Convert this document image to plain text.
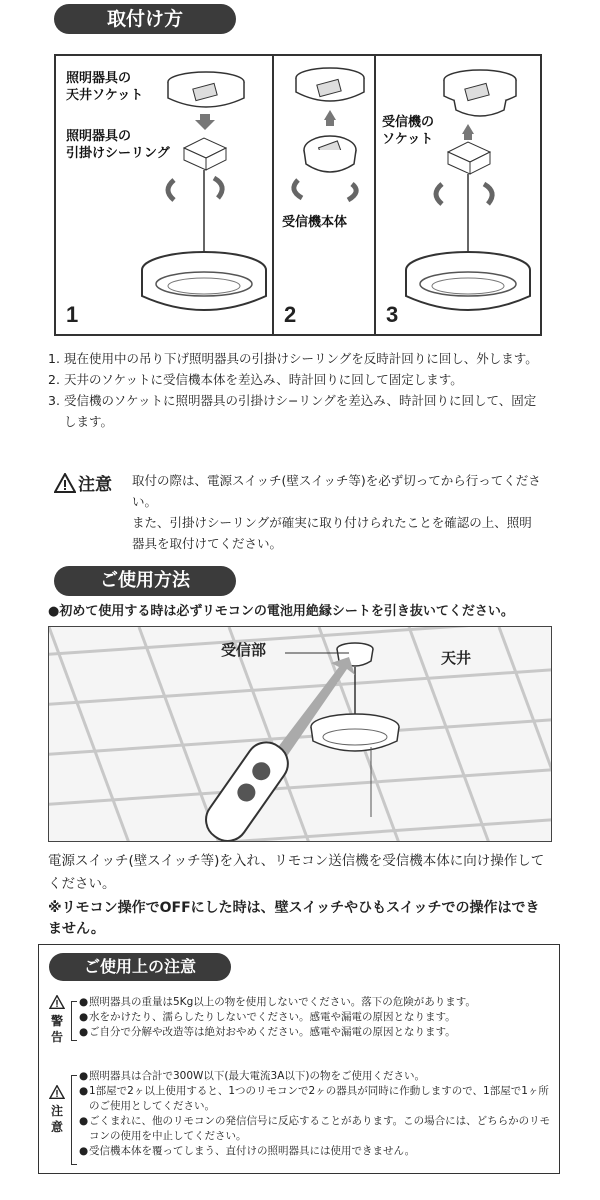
取付け方
照明器具の
天井ソケット
照明器具の
引掛けシーリング
1
受信機本体
2
受信機の
ソケット
3
1. 現在使用中の吊り下げ照明器具の引掛けシーリングを反時計回りに回し、外します。
2. 天井のソケットに受信機本体を差込み、時計回りに回して固定します。
3. 受信機のソケットに照明器具の引掛けシ−リングを差込み、時計回りに回して、固定します。
注意 取付の際は、電源スイッチ(壁スイッチ等)を必ず切ってから行ってください。
また、引掛けシーリングが確実に取り付けられたことを確認の上、照明器具を取付けてください。
ご使用方法
●初めて使用する時は必ずリモコンの電池用絶縁シートを引き抜いてください。
受信部	天井
ON
OFF
電源スイッチ(壁スイッチ等)を入れ、リモコン送信機を受信機本体に向け操作してください。
※リモコン操作でOFFにした時は、壁スイッチやひもスイッチでの操作はできません。
ご使用上の注意
警
告
● 照明器具の重量は5Kg以上の物を使用しないでください。落下の危険があります。
● 水をかけたり、濡らしたりしないでください。感電や漏電の原因となります。
● ご自分で分解や改造等は絶対おやめください。感電や漏電の原因となります。
注
意
● 照明器具は合計で300W以下(最大電流3A以下)の物をご使用ください。
● 1部屋で2ヶ以上使用すると、1つのリモコンで2ヶの器具が同時に作動しますので、1部屋で1ヶ所のご使用としてください。
● ごくまれに、他のリモコンの発信信号に反応することがあります。この場合には、どちらかのリモコンの使用を中止してください。
● 受信機本体を覆ってしまう、直付けの照明器具には使用できません。
